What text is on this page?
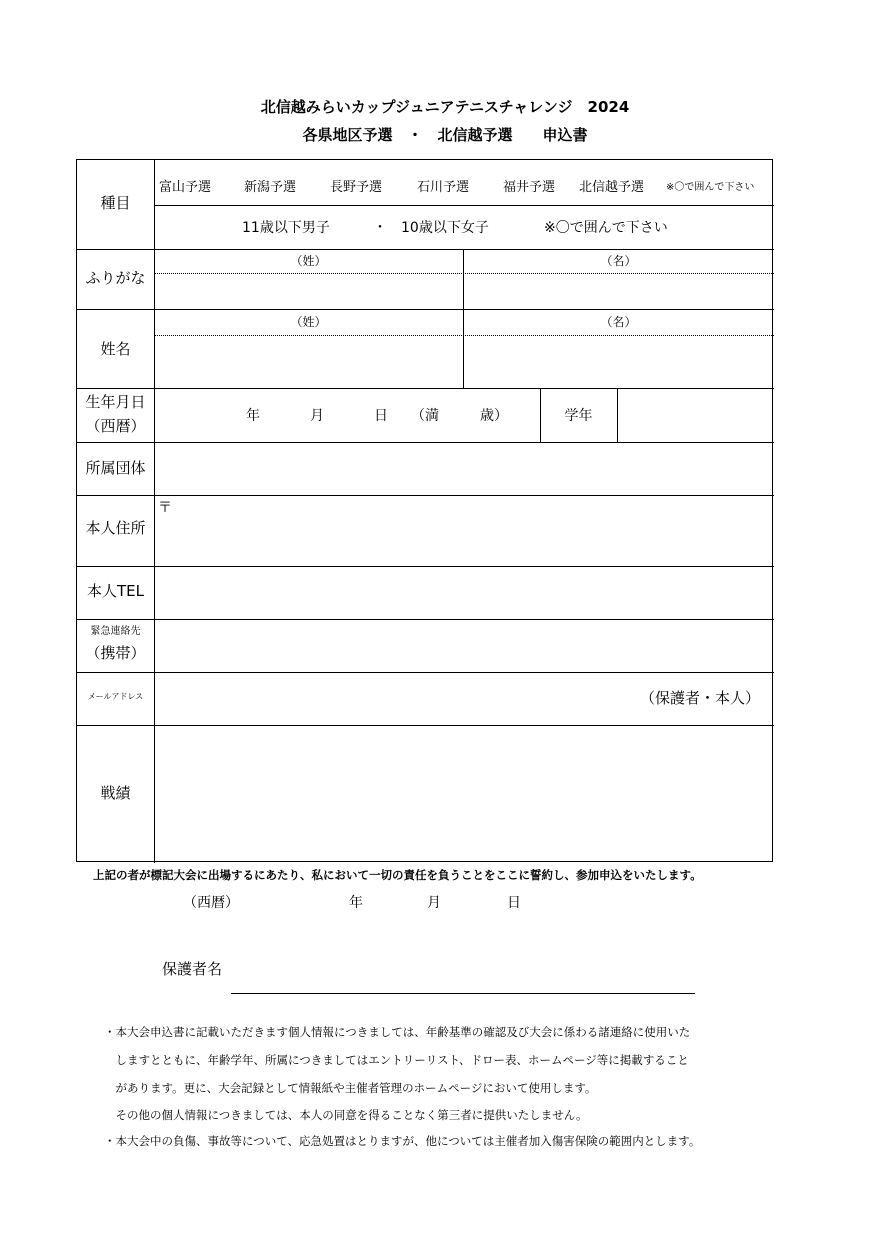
北信越みらいカップジュニアテニスチャレンジ　2024
各県地区予選　・　北信越予選　　申込書
富山予選	新潟予選	長野予選	石川予選	福井予選 北信越予選 ※〇で囲んで下さい
11歳以下男子	・ 10歳以下女子	※〇で囲んで下さい
種目
ふりがな
（姓）	（名）
姓名
（姓）	（名）
生年月日
（西暦）
年	月	日 （満	歳）	学年
所属団体
本人住所
〒
本人TEL
緊急連絡先
（携帯）
メールアドレス	（保護者・本人）
戦績
上記の者が標記大会に出場するにあたり、私において一切の責任を負うことをここに誓約し、参加申込をいたします。
（西暦）	年	月	日
保護者名
・本大会申込書に記載いただきます個人情報につきましては、年齢基準の確認及び大会に係わる諸連絡に使用いた
　しますとともに、年齢学年、所属につきましてはエントリーリスト、ドロー表、ホームページ等に掲載すること
　があります。更に、大会記録として情報紙や主催者管理のホームページにおいて使用します。
　その他の個人情報につきましては、本人の同意を得ることなく第三者に提供いたしません。
・本大会中の負傷、事故等について、応急処置はとりますが、他については主催者加入傷害保険の範囲内とします。
